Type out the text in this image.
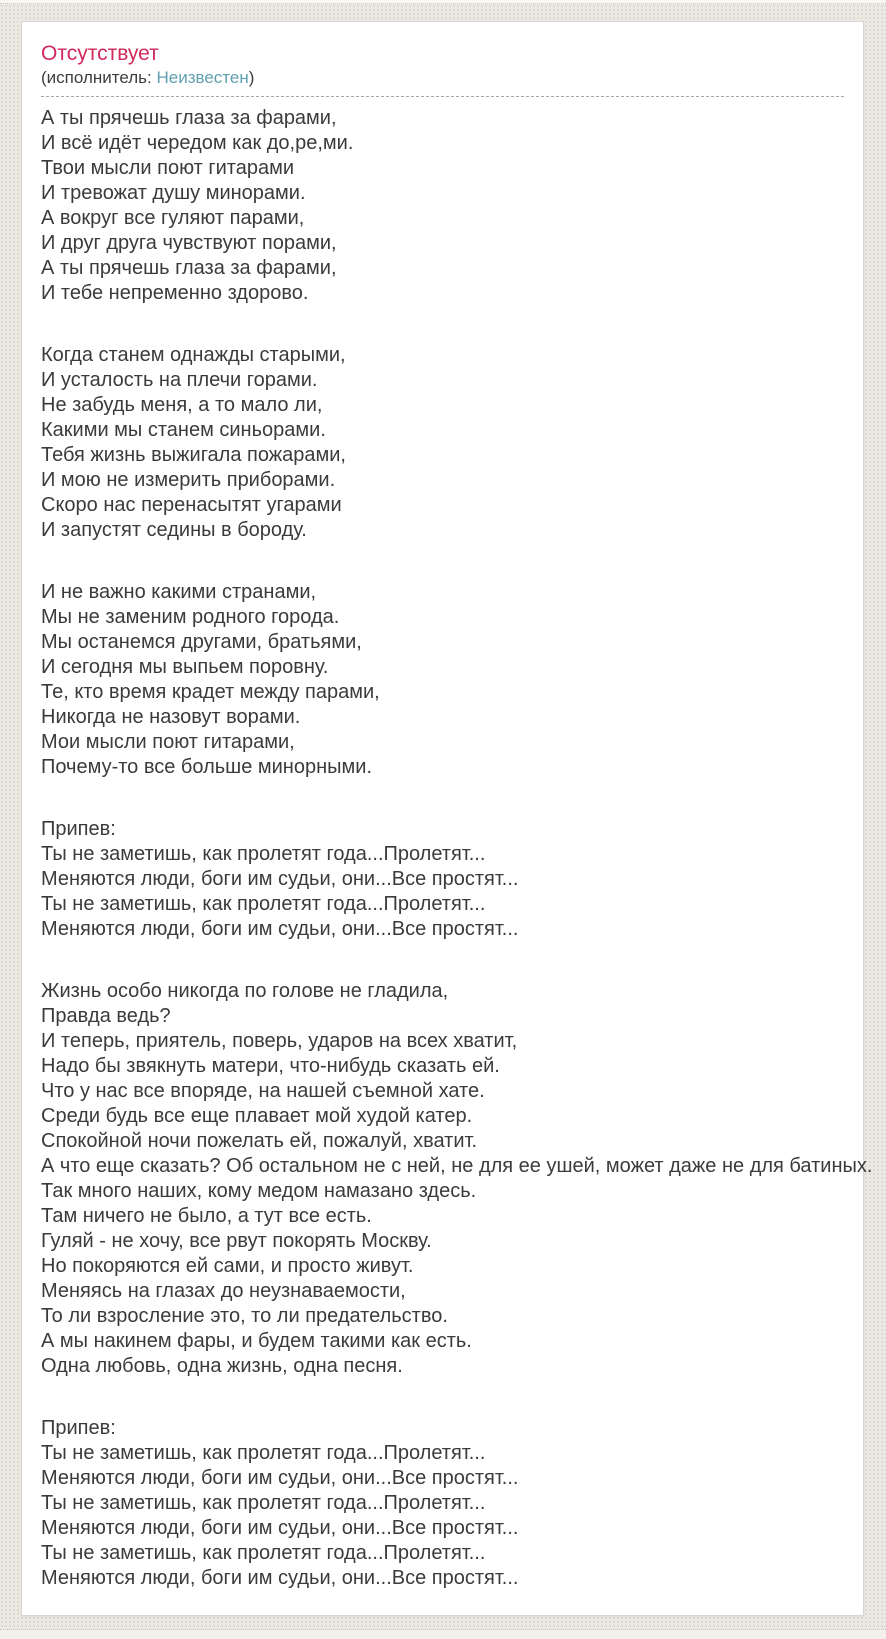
Отсутствует
(исполнитель: Неизвестен)
А ты прячешь глаза за фарами,
И всё идёт чередом как до,ре,ми.
Твои мысли поют гитарами
И тревожат душу минорами.
А вокруг все гуляют парами,
И друг друга чувствуют порами,
А ты прячешь глаза за фарами,
И тебе непременно здорово.
Когда станем однажды старыми,
И усталость на плечи горами.
Не забудь меня, а то мало ли,
Какими мы станем синьорами.
Тебя жизнь выжигала пожарами,
И мою не измерить приборами.
Скоро нас перенасытят угарами
И запустят седины в бороду.
И не важно какими странами,
Мы не заменим родного города.
Мы останемся другами, братьями,
И сегодня мы выпьем поровну.
Те, кто время крадет между парами,
Никогда не назовут ворами.
Мои мысли поют гитарами,
Почему-то все больше минорными.
Припев:
Ты не заметишь, как пролетят года...Пролетят...
Меняются люди, боги им судьи, они...Все простят...
Ты не заметишь, как пролетят года...Пролетят...
Меняются люди, боги им судьи, они...Все простят...
Жизнь особо никогда по голове не гладила,
Правда ведь?
И теперь, приятель, поверь, ударов на всех хватит,
Надо бы звякнуть матери, что-нибудь сказать ей.
Что у нас все впоряде, на нашей съемной хате.
Среди будь все еще плавает мой худой катер.
Спокойной ночи пожелать ей, пожалуй, хватит.
А что еще сказать? Об остальном не с ней, не для ее ушей, может даже не для батиных.
Так много наших, кому медом намазано здесь.
Там ничего не было, а тут все есть.
Гуляй - не хочу, все рвут покорять Москву.
Но покоряются ей сами, и просто живут.
Меняясь на глазах до неузнаваемости,
То ли взросление это, то ли предательство.
А мы накинем фары, и будем такими как есть.
Одна любовь, одна жизнь, одна песня.
Припев:
Ты не заметишь, как пролетят года...Пролетят...
Меняются люди, боги им судьи, они...Все простят...
Ты не заметишь, как пролетят года...Пролетят...
Меняются люди, боги им судьи, они...Все простят...
Ты не заметишь, как пролетят года...Пролетят...
Меняются люди, боги им судьи, они...Все простят...
